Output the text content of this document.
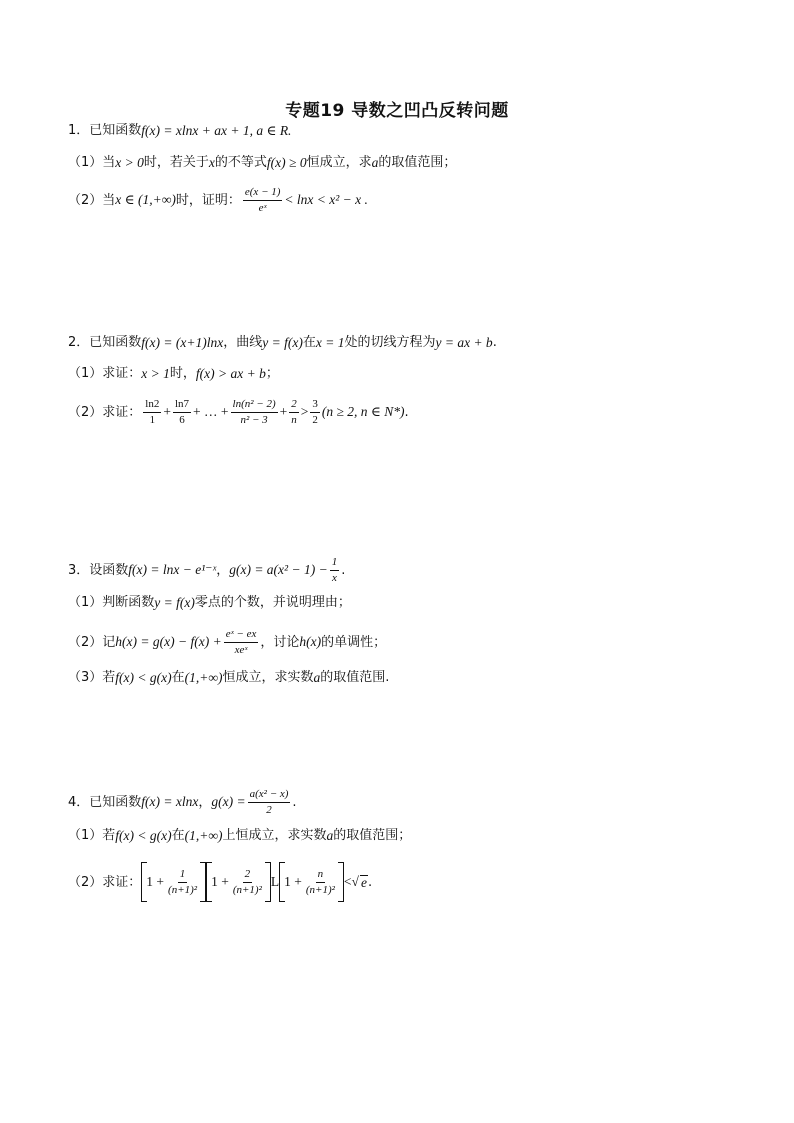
专题19 导数之凹凸反转问题
1．已知函数 f(x) = xlnx + ax + 1, a ∈ R.
（1）当 x > 0 时，若关于 x 的不等式 f(x) ≥ 0 恒成立，求 a 的取值范围；
（2）当 x ∈ (1,+∞) 时，证明： $\frac{e(x - 1)}{\text{eˣ}} < \ln x < x^2 - x$ .
2．已知函数 f(x) = (x+1)lnx ，曲线 y = f(x) 在 x = 1 处的切线方程为 y = ax + b .
（1）求证： x > 1 时， f(x) > ax + b ；
（2）求证： $\frac{\ln 2}{1} + \frac{\ln 7}{6}$ + … + $\frac{\text{ln(n² − 2)}}{\text{n² − 3}} + \frac{2}{n} > \frac{3}{2} (n \ge 2$, n ∈ N*) .
3．设函数 f(x) = lnx − e¹⁻ˣ ， $g(x) = a(x^2 - 1) - \frac{1}{x}$ .
（1）判断函数 y = f(x) 零点的个数，并说明理由；
（2）记 $h(x) = g(x) - f(x) + \frac{\text{eˣ − ex}}{\text{xeˣ}}$ ，讨论 h(x) 的单调性；
（3）若 f(x) < g(x) 在 (1,+∞) 恒成立，求实数 a 的取值范围.
4．已知函数 f(x) = xlnx ， $g(x) = \frac{\text{a(x² − x)}}{2}$ .
（1）若 f(x) < g(x) 在 (1,+∞) 上恒成立，求实数 a 的取值范围；
（2）求证： $1 + \frac{1}{\text{(n+1)²}} 1 + \frac{2}{\text{(n+1)²}}$ L $1 + \frac{n}{\text{(n+1)²}}$ < √ e .
